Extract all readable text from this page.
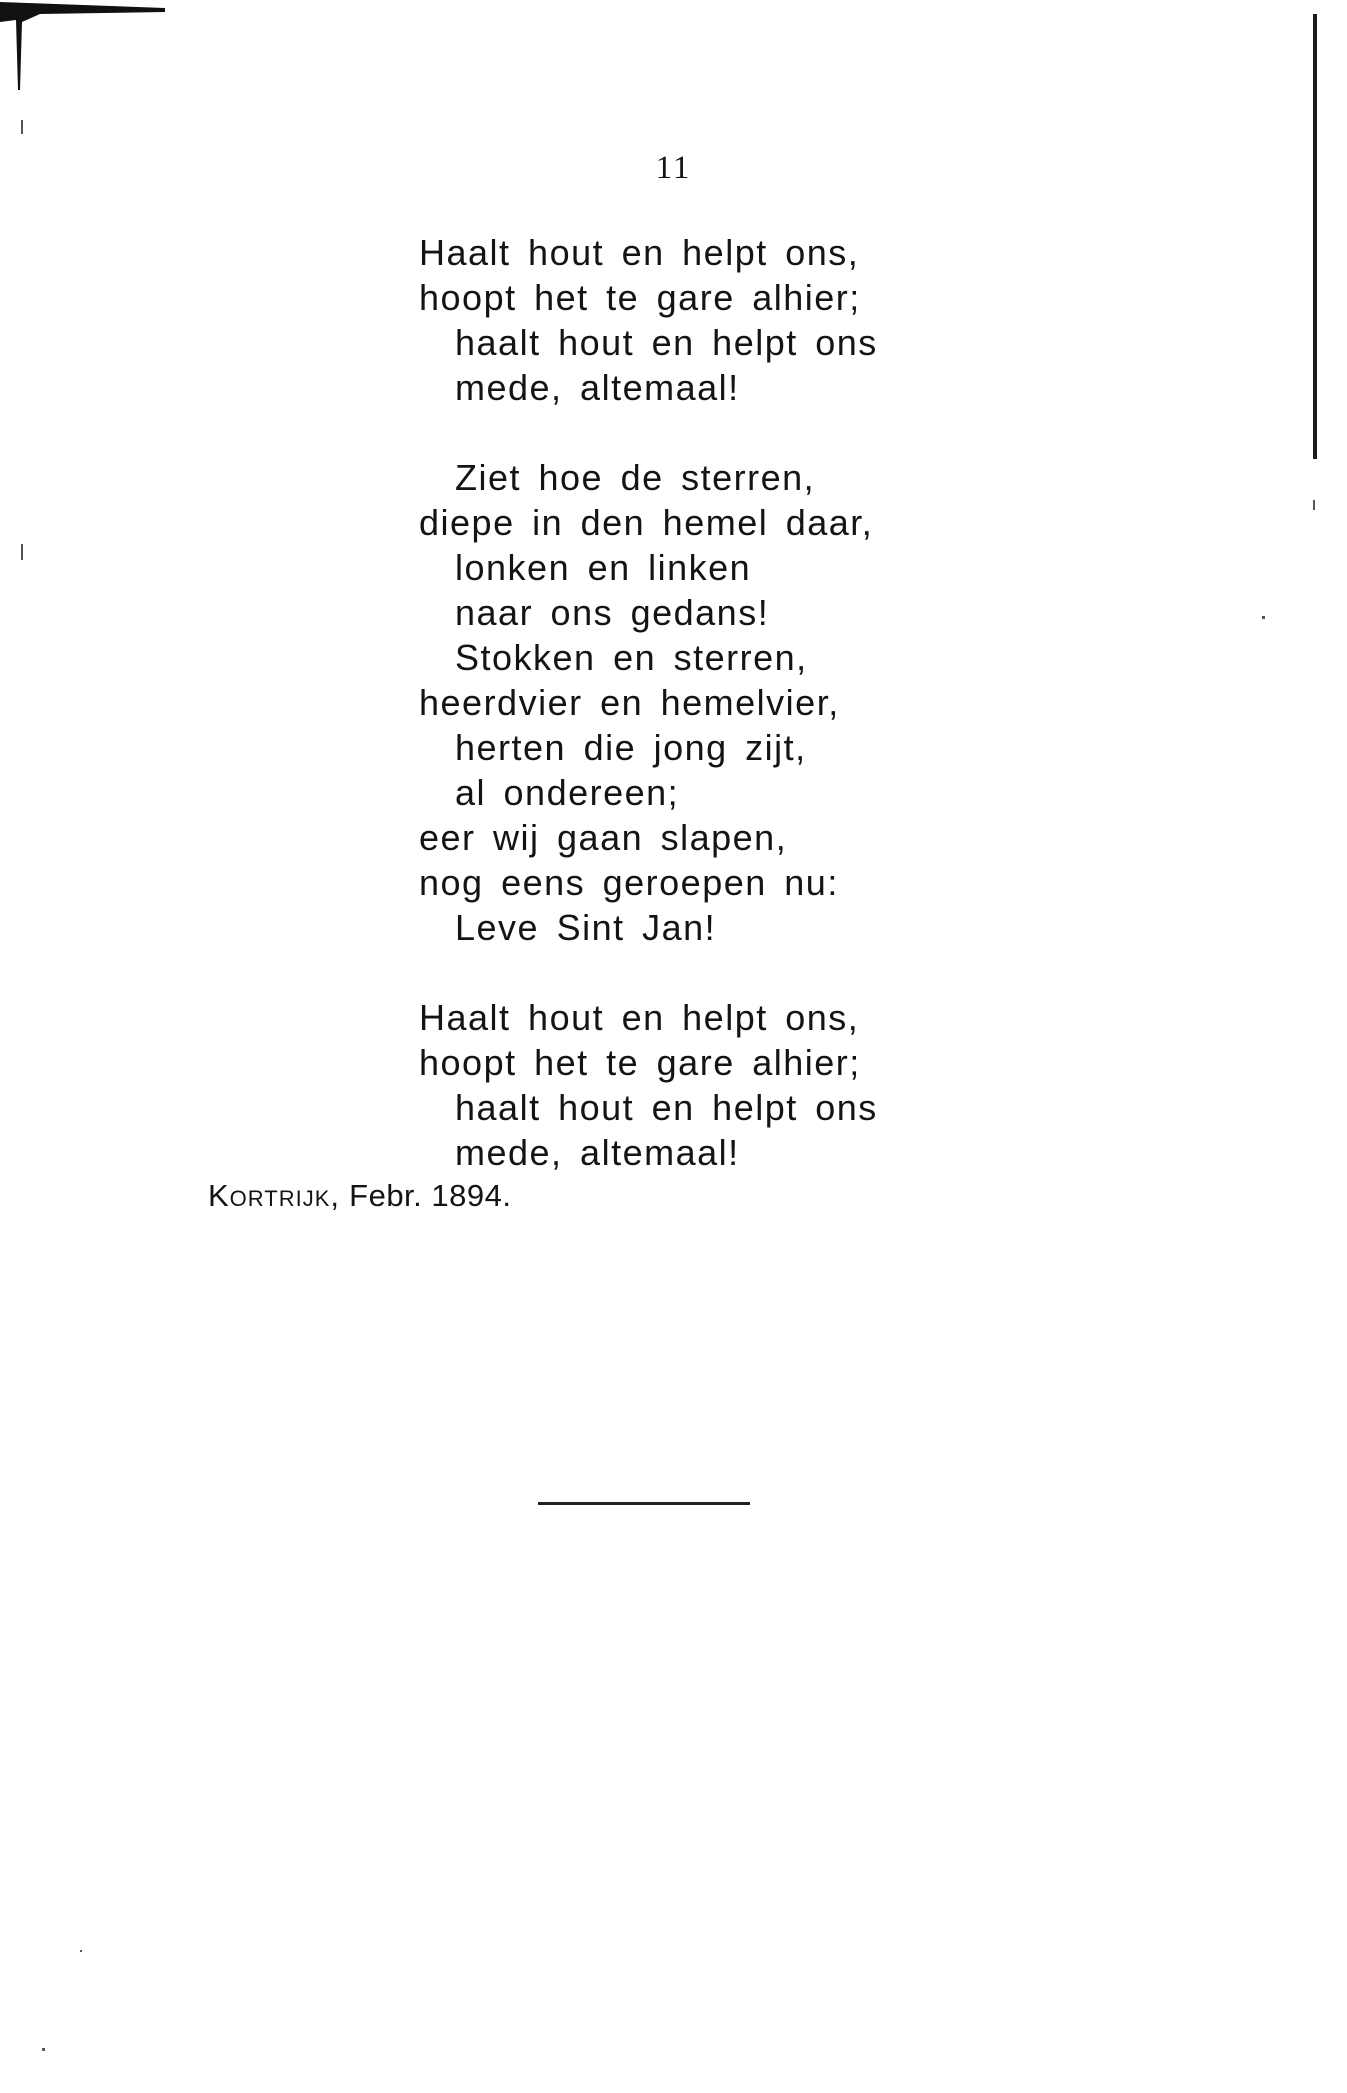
11
Haalt hout en helpt ons,
hoopt het te gare alhier;
haalt hout en helpt ons
mede, altemaal!
Ziet hoe de sterren,
diepe in den hemel daar,
lonken en linken
naar ons gedans!
Stokken en sterren,
heerdvier en hemelvier,
herten die jong zijt,
al ondereen;
eer wij gaan slapen,
nog eens geroepen nu:
Leve Sint Jan!
Haalt hout en helpt ons,
hoopt het te gare alhier;
haalt hout en helpt ons
mede, altemaal!
Kortrijk, Febr. 1894.
